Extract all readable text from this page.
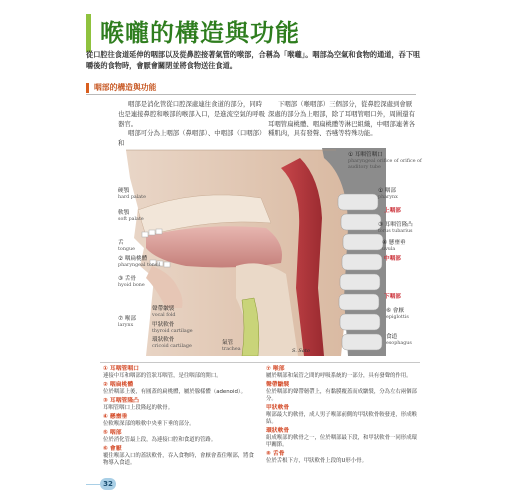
喉嚨的構造與功能
從口腔往食道延伸的咽部以及從鼻腔接著氣管的喉部，合稱為「喉嚨」。咽部為空氣和食物的通道，吞下咀嚼後的食物時，會厭會關閉並將食物送往食道。
咽部的構造與功能

咽部是消化管從口腔深處連往食道的部分，同時也是連接鼻腔和喉部的喉部入口，是進流空氣的呼吸器官。

咽部可分為上咽部（鼻咽部）、中咽部（口咽部）和

下咽部（喉咽部）三個部分，從鼻腔深處到會厭深處的部分為上咽部，除了耳咽管咽口外，周圍還有耳咽管扁桃體、咽扁桃體等淋巴組織，中咽部連著各種肌肉，具有發聲、吞嚥等特殊功能。

硬顎
hard palate
軟顎
soft palate
舌
tongue
② 咽扁桃體
pharyngeal tonsil
③ 舌骨
hyoid bone
⑦ 喉部
larynx
聲帶皺襞
vocal fold
甲狀軟骨
thyroid cartilage
環狀軟骨
cricoid cartilage
氣管
trachea
① 耳咽管咽口
pharyngeal orifice of orifice of auditory tube
① 咽部
pharynx
上咽部
③ 耳咽管隆凸
torus tubarius
④ 懸壅垂
uvula
中咽部
下咽部
⑥ 會厭
epiglottis
食道
esophagus
S. Sato
① 耳咽管咽口
連接中耳和咽部的管狀耳咽管，是往咽部的開口。
② 咽扁桃體
位於咽部上後，有圓蓋的扁桃體，屬於腺樣體（adenoid）。
③ 耳咽管隆凸
耳咽管咽口上段隆起的軟骨。
④ 懸壅垂
位軟喉深部的喉軟中央垂下垂的部分。
⑤ 咽部
位於消化管最上段，為連接口腔和食道的管路。
⑥ 會厭
覆住喉部入口的蓋狀軟骨，吞入食物時，會厭會蓋住喉部，將食物導入食道。
⑦ 喉部
屬於咽部和氣管之間的呼吸系統的一部分，具有發聲的作用。
聲帶皺襞
位於咽部的聲帶韌帶上，有黏膜覆蓋而成皺襞，分為左右兩個部分。
甲狀軟骨
喉部最大的軟骨，成人男子喉部前側的甲狀軟骨較發達，形成喉結。
環狀軟骨
組成喉部的軟骨之一，位於咽部最下段，和甲狀軟骨一同形成環甲關節。
⑧ 舌骨
位於舌根下方，甲狀軟骨上段的U形小骨。
32
